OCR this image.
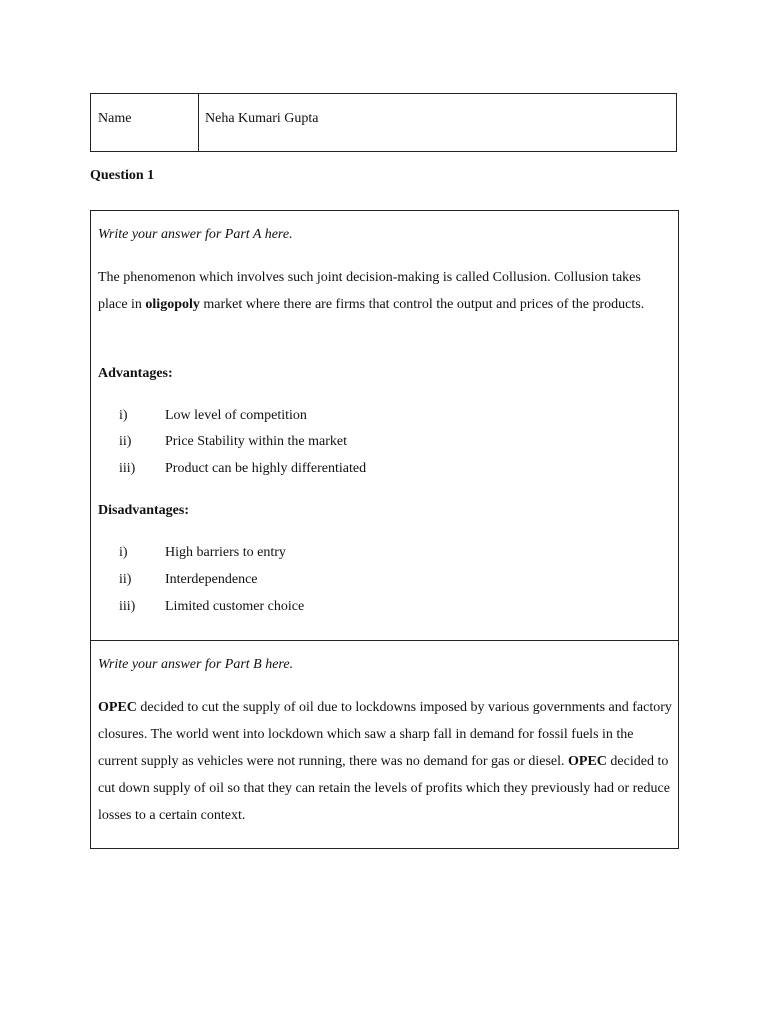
Name	Neha Kumari Gupta
Question 1
Write your answer for Part A here.

The phenomenon which involves such joint decision-making is called Collusion. Collusion takes place in oligopoly market where there are firms that control the output and prices of the products.

Advantages:
i)	Low level of competition
ii) Price Stability within the market
iii) Product can be highly differentiated
Disadvantages:
i)	High barriers to entry
ii) Interdependence
iii) Limited customer choice
Write your answer for Part B here.

OPEC decided to cut the supply of oil due to lockdowns imposed by various governments and factory closures. The world went into lockdown which saw a sharp fall in demand for fossil fuels in the current supply as vehicles were not running, there was no demand for gas or diesel. OPEC decided to cut down supply of oil so that they can retain the levels of profits which they previously had or reduce losses to a certain context.
